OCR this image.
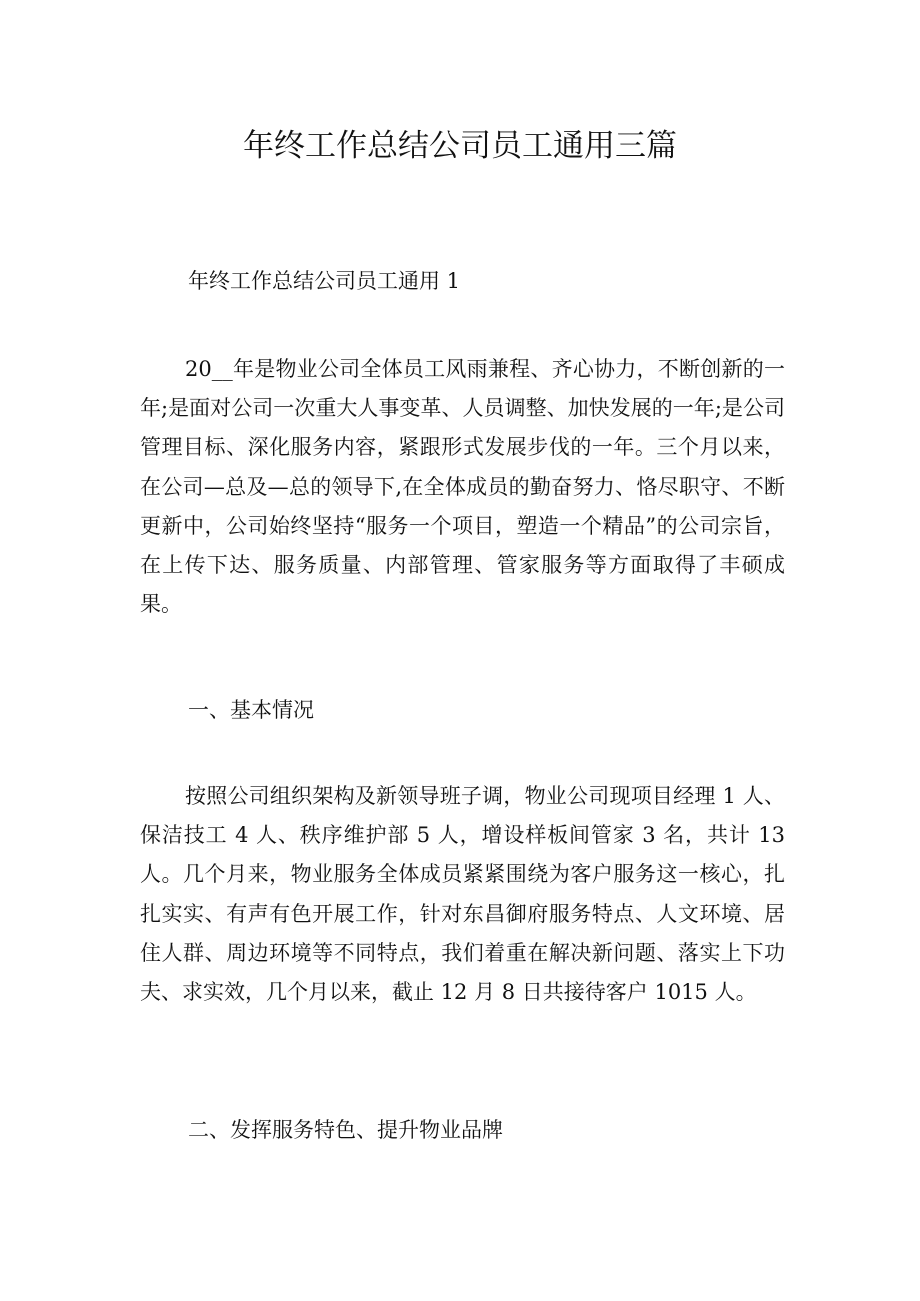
年终工作总结公司员工通用三篇

年终工作总结公司员工通用 1

20__年是物业公司全体员工风雨兼程、齐心协力，不断创新的一年;是面对公司一次重大人事变革、人员调整、加快发展的一年;是公司管理目标、深化服务内容，紧跟形式发展步伐的一年。三个月以来，在公司—总及—总的领导下,在全体成员的勤奋努力、恪尽职守、不断更新中，公司始终坚持“服务一个项目，塑造一个精品”的公司宗旨，在上传下达、服务质量、内部管理、管家服务等方面取得了丰硕成果。

一、基本情况

按照公司组织架构及新领导班子调，物业公司现项目经理 1 人、保洁技工 4 人、秩序维护部 5 人，增设样板间管家 3 名，共计 13 人。几个月来，物业服务全体成员紧紧围绕为客户服务这一核心，扎扎实实、有声有色开展工作，针对东昌御府服务特点、人文环境、居住人群、周边环境等不同特点，我们着重在解决新问题、落实上下功夫、求实效，几个月以来，截止 12 月 8 日共接待客户 1015 人。

二、发挥服务特色、提升物业品牌
